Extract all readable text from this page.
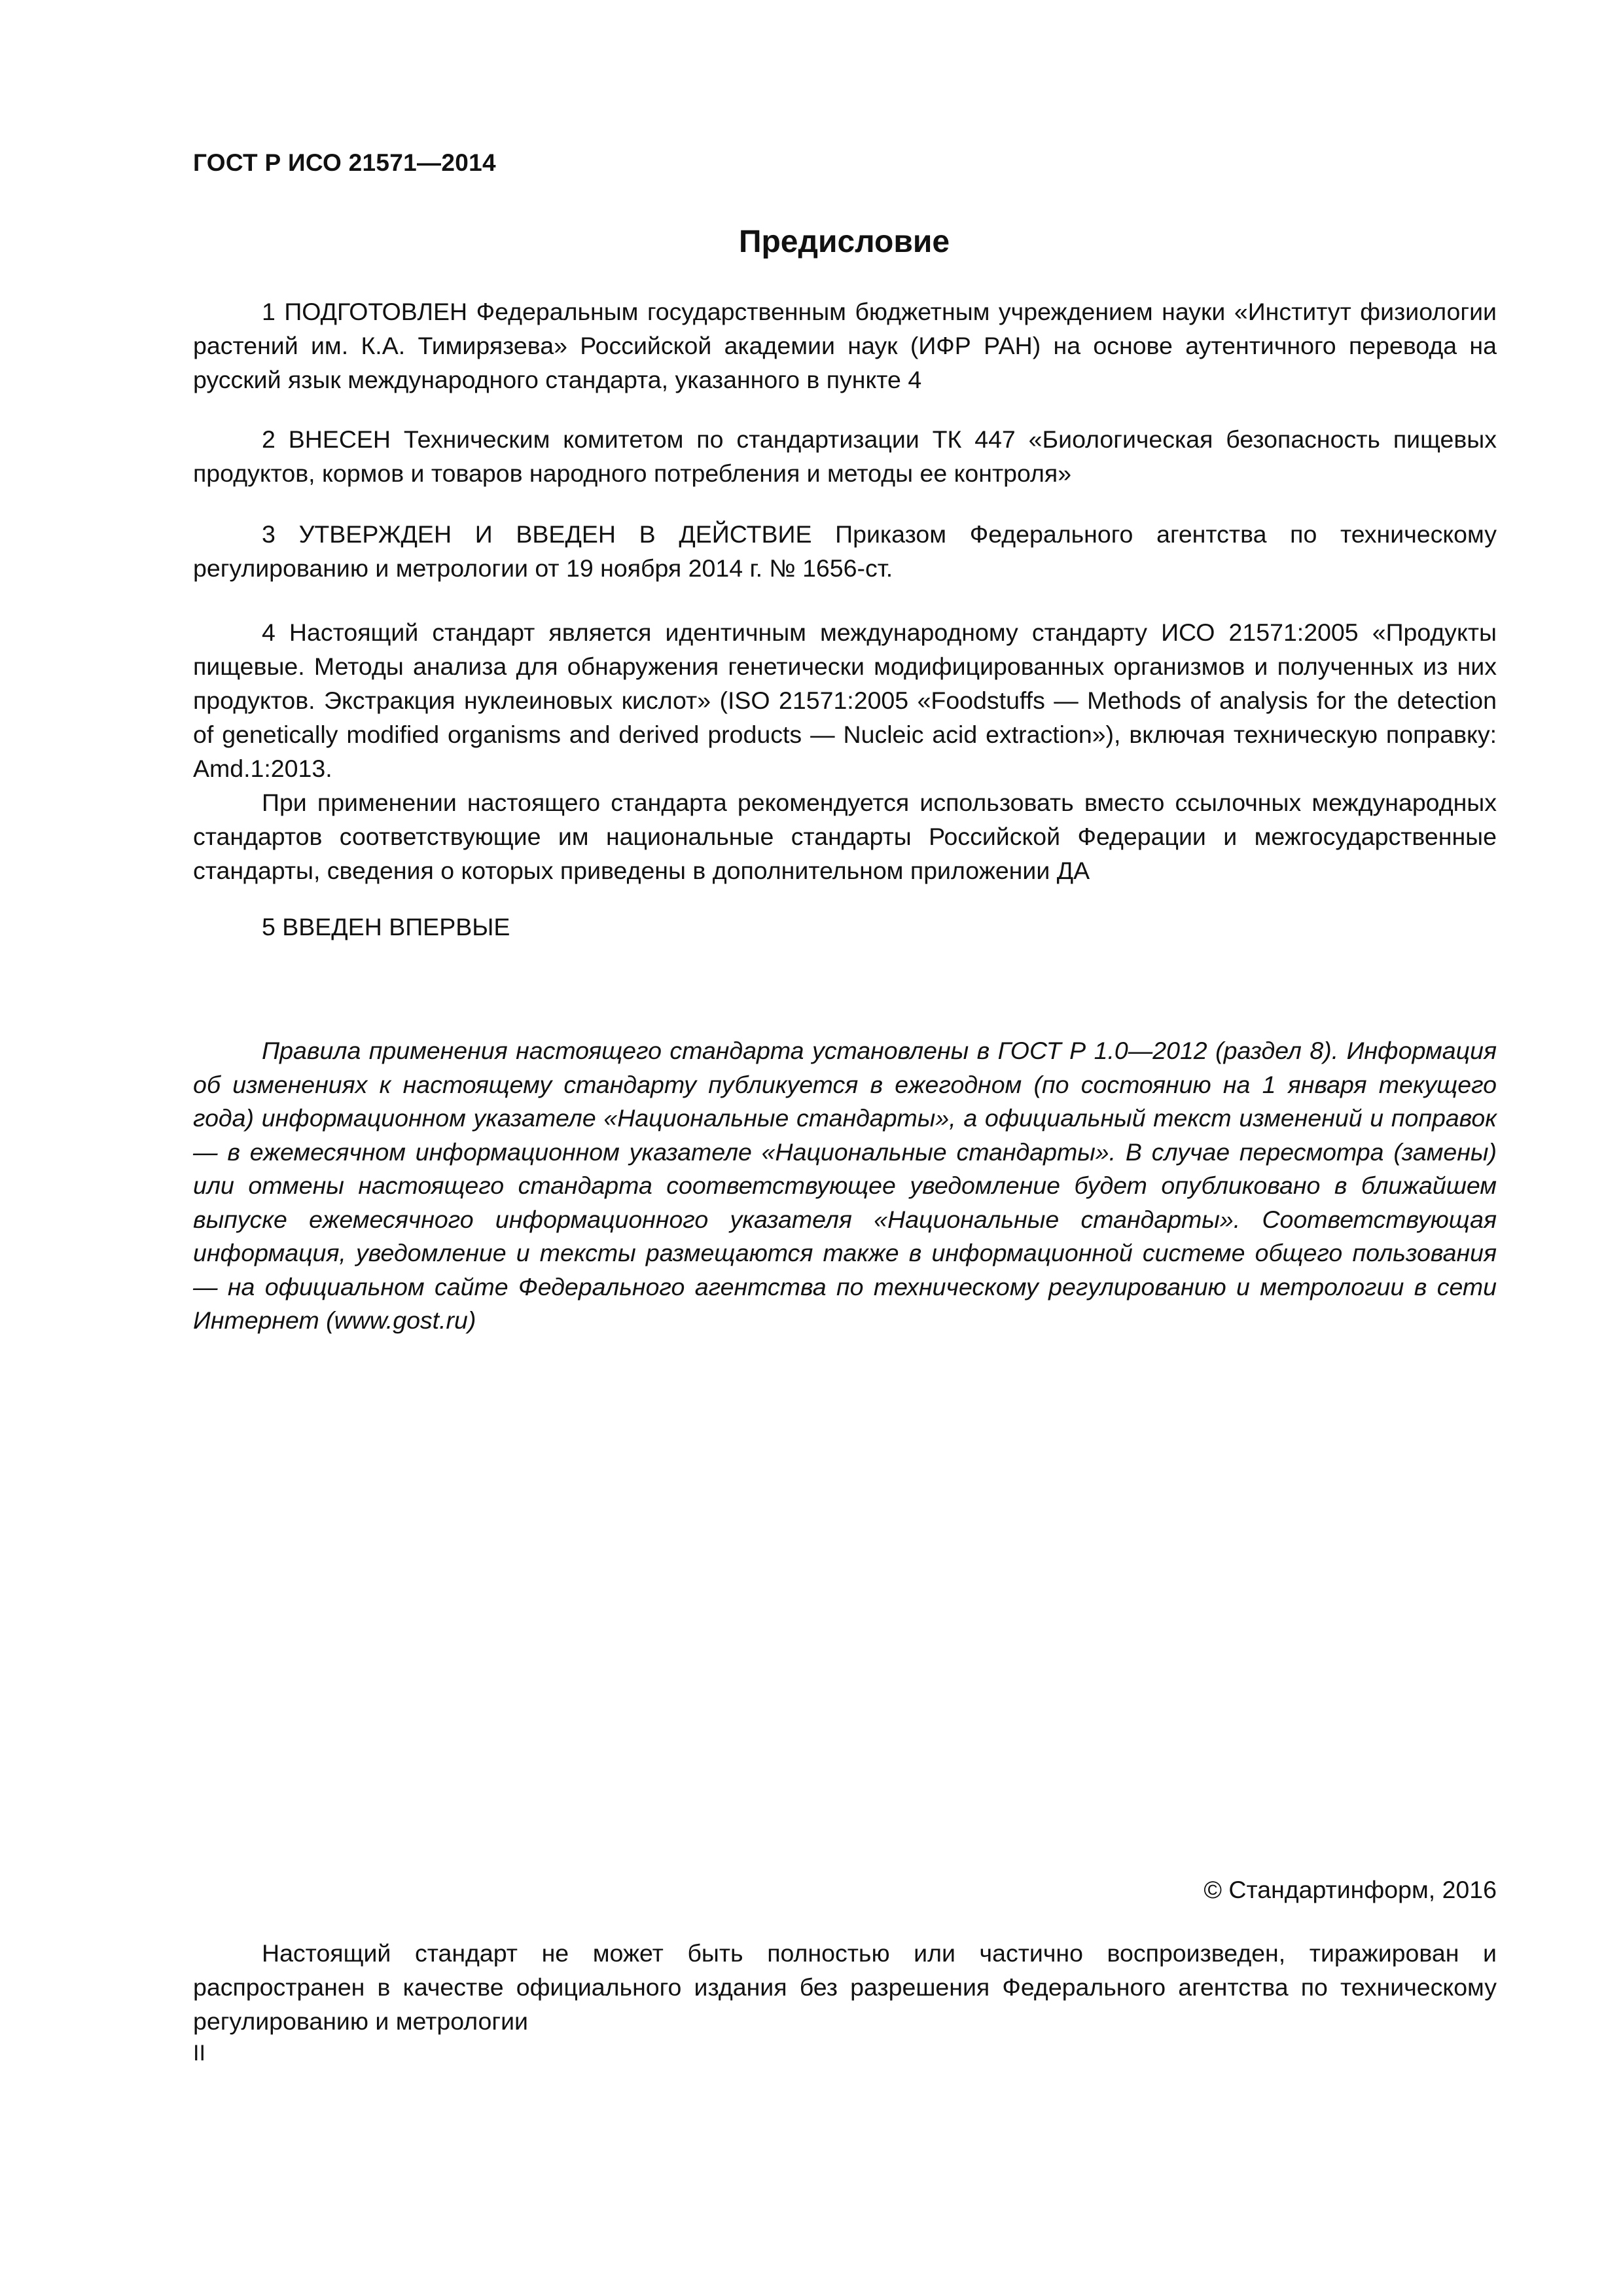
ГОСТ Р ИСО 21571—2014
Предисловие

1 ПОДГОТОВЛЕН Федеральным государственным бюджетным учреждением науки «Институт физиологии растений им. К.А. Тимирязева» Российской академии наук (ИФР РАН) на основе аутентичного перевода на русский язык международного стандарта, указанного в пункте 4

2 ВНЕСЕН Техническим комитетом по стандартизации ТК 447 «Биологическая безопасность пищевых продуктов, кормов и товаров народного потребления и методы ее контроля»

3 УТВЕРЖДЕН И ВВЕДЕН В ДЕЙСТВИЕ Приказом Федерального агентства по техническому регулированию и метрологии от 19 ноября 2014 г. № 1656-ст.

4 Настоящий стандарт является идентичным международному стандарту ИСО 21571:2005 «Продукты пищевые. Методы анализа для обнаружения генетически модифицированных организмов и полученных из них продуктов. Экстракция нуклеиновых кислот» (ISO 21571:2005 «Foodstuffs — Methods of analysis for the detection of genetically modified organisms and derived products — Nucleic acid extraction»), включая техническую поправку: Amd.1:2013.

При применении настоящего стандарта рекомендуется использовать вместо ссылочных международных стандартов соответствующие им национальные стандарты Российской Федерации и межгосударственные стандарты, сведения о которых приведены в дополнительном приложении ДА

5 ВВЕДЕН ВПЕРВЫЕ

Правила применения настоящего стандарта установлены в ГОСТ Р 1.0—2012 (раздел 8). Информация об изменениях к настоящему стандарту публикуется в ежегодном (по состоянию на 1 января текущего года) информационном указателе «Национальные стандарты», а официальный текст изменений и поправок — в ежемесячном информационном указателе «Национальные стандарты». В случае пересмотра (замены) или отмены настоящего стандарта соответствующее уведомление будет опубликовано в ближайшем выпуске ежемесячного информационного указателя «Национальные стандарты». Соответствующая информация, уведомление и тексты размещаются также в информационной системе общего пользования — на официальном сайте Федерального агентства по техническому регулированию и метрологии в сети Интернет (www.gost.ru)

© Стандартинформ, 2016

Настоящий стандарт не может быть полностью или частично воспроизведен, тиражирован и распространен в качестве официального издания без разрешения Федерального агентства по техническому регулированию и метрологии

II
